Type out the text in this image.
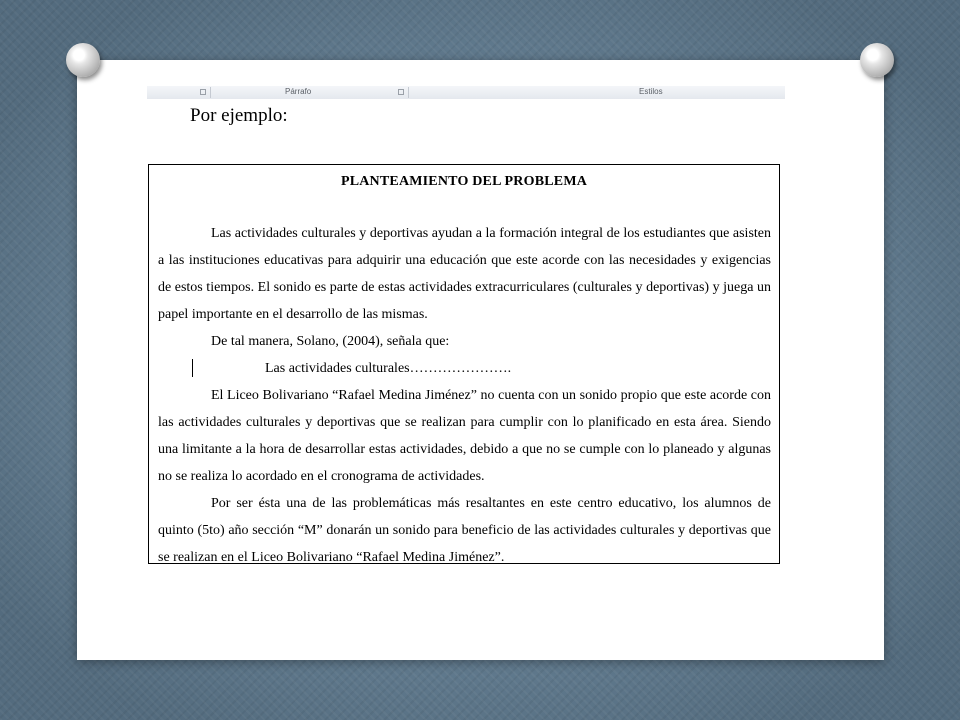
Párrafo	Estilos
Por ejemplo:
PLANTEAMIENTO DEL PROBLEMA

Las actividades culturales y deportivas ayudan a la formación integral de los estudiantes que asisten a las instituciones educativas para adquirir una educación que este acorde con las necesidades y exigencias de estos tiempos. El sonido es parte de estas actividades extracurriculares (culturales y deportivas) y juega un papel importante en el desarrollo de las mismas.

De tal manera, Solano, (2004), señala que:

Las actividades culturales………………….

El Liceo Bolivariano “Rafael Medina Jiménez” no cuenta con un sonido propio que este acorde con las actividades culturales y deportivas que se realizan para cumplir con lo planificado en esta área. Siendo una limitante a la hora de desarrollar estas actividades, debido a que no se cumple con lo planeado y algunas no se realiza lo acordado en el cronograma de actividades.

Por ser ésta una de las problemáticas más resaltantes en este centro educativo, los alumnos de quinto (5to) año sección “M” donarán un sonido para beneficio de las actividades culturales y deportivas que se realizan en el Liceo Bolivariano “Rafael Medina Jiménez”.
